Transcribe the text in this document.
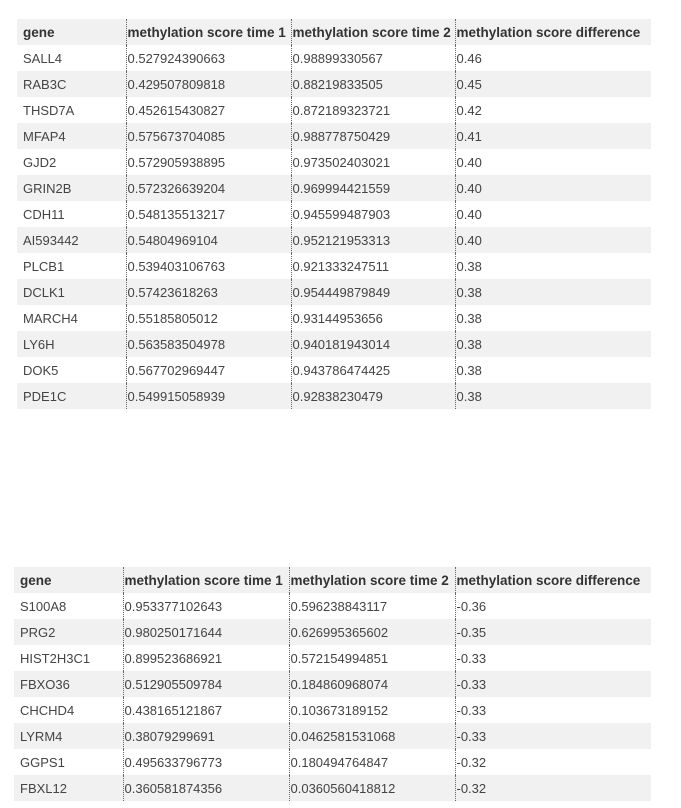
gene	methylation score time 1	methylation score time 2	methylation score difference
SALL4	0.527924390663	0.98899330567	0.46
RAB3C	0.429507809818	0.88219833505	0.45
THSD7A	0.452615430827	0.872189323721	0.42
MFAP4	0.575673704085	0.988778750429	0.41
GJD2	0.572905938895	0.973502403021	0.40
GRIN2B	0.572326639204	0.969994421559	0.40
CDH11	0.548135513217	0.945599487903	0.40
AI593442	0.54804969104	0.952121953313	0.40
PLCB1	0.539403106763	0.921333247511	0.38
DCLK1	0.57423618263	0.954449879849	0.38
MARCH4	0.55185805012	0.93144953656	0.38
LY6H	0.563583504978	0.940181943014	0.38
DOK5	0.567702969447	0.943786474425	0.38
PDE1C	0.549915058939	0.92838230479	0.38
gene	methylation score time 1	methylation score time 2	methylation score difference
S100A8	0.953377102643	0.596238843117	-0.36
PRG2	0.980250171644	0.626995365602	-0.35
HIST2H3C1	0.899523686921	0.572154994851	-0.33
FBXO36	0.512905509784	0.184860968074	-0.33
CHCHD4	0.438165121867	0.103673189152	-0.33
LYRM4	0.38079299691	0.0462581531068	-0.33
GGPS1	0.495633796773	0.180494764847	-0.32
FBXL12	0.360581874356	0.0360560418812	-0.32
